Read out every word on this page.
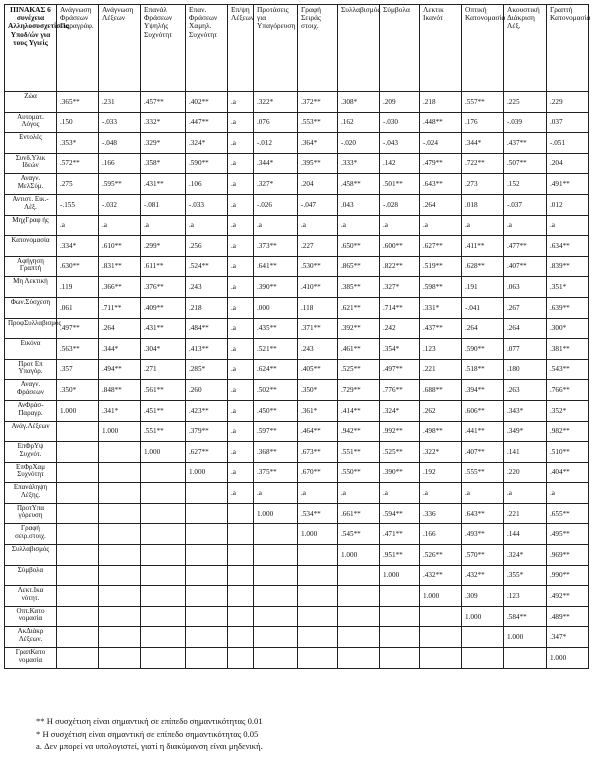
ΠΙΝΑΚΑΣ 6 συνέχεια Αλληλοσυσχετίσεις Υποδ/ών για τους Υγιείς	Ανάγνωση Φράσεων Παραγράφ.	Ανάγνωση Λέξεων	Επανάλ Φράσεων Υψηλής Συχνότητ	Επαν. Φράσεων Χαμηλ. Συχνότητ	Επ/ψη Λέξεων	Προτάσεις για Υπαγόρευση	Γραφή Σειράς στοιχ.	Συλλαβισμός	Σύμβολα	Λεκτικ Ικανότ	Οπτική Κατονομασία	Ακουστική Διάκριση Λέξ.	Γραπτή Κατονομασία
Ζώα	.365**	.231	.457**	.402**	.a	.322*	.372**	.308*	.209	.218	.557**	.225	.229
Αυτοματ. Λόγος	.150	-.033	.332*	.447**	.a	.076	.553**	.162	-.030	.448**	.176	-.039	.037
Εντολές	.353*	-.048	.329*	.324*	.a	-.012	.364*	-.020	-.043	-.024	.344*	.437**	-.051
Συνδ.Υλικ Ιδεών	.572**	.166	.358*	.590**	.a	.344*	.395**	.333*	.142	.479**	.722**	.507**	.204
Αναγν. ΜελΣύμ.	.275	.595**	.431**	.106	.a	.327*	.204	.458**	.501**	.643**	.273	.152	.491**
Αντιστ. Εικ.-Λέξ.	-.155	-.032	-.081	-.033	.a	-.026	-.047	.043	-.028	.264	.018	-.037	.012
ΜηχΓραφ ής	.a	.a	.a	.a	.a	.a	.a	.a	.a	.a	.a	.a	.a
Κατονομασία	.334*	.610**	.299*	.256	.a	.373**	.227	.650**	.600**	.627**	.411**	.477**	.634**
Αφήγηση Γραπτή	.630**	.831**	.611**	.524**	.a	.641**	.530**	.865**	.822**	.519**	.628**	.407**	.839**
Μη Λεκτική	.119	.366**	.376**	.243	.a	.390**	.410**	.385**	.327*	.598**	.191	.063	.351*
Φων.Σύσχεση	.061	.711**	.409**	.218	.a	.000	.118	.621**	.714**	.331*	-.041	.267	.639**
ΠροφΣυλλαβισμός	.497**	.264	.431**	.484**	.a	.435**	.371**	.392**	.242	.437**	.264	.264	.300*
Εικόνα	.563**	.344*	.304*	.413**	.a	.521**	.243	.461**	.354*	.123	.590**	.077	.381**
Προτ Επ Υπαγόρ.	.357	.494**	.271	.285*	.a	.624**	.405**	.525**	.497**	.221	.518**	.180	.543**
Αναγν. Φράσεων	.350*	.848**	.561**	.260	.a	.502**	.350*	.729**	.776**	.688**	.394**	.263	.766**
ΑνΦράσ-Παραγρ.	1.000	.341*	.451**	.423**	.a	.450**	.361*	.414**	.324*	.262	.606**	.343*	.352*
Ανάγ.Λέξεων		1.000	.551**	.379**	.a	.597**	.464**	.942**	.992**	.498**	.441**	.349*	.982**
ΕπΦρΥψ Συχνότ.			1.000	.627**	.a	.368**	.673**	.551**	.525**	.322*	.407**	.141	.510**
ΕπΦρΧαμ Συχνότητ				1.000	.a	.375**	.670**	.550**	.390**	.192	.555**	.220	.404**
Επανάληψη Λέξης.					.a	.a	.a	.a	.a	.a	.a	.a	.a
ΠροτΥπα γόρευση						1.000	.534**	.661**	.594**	.336	.643**	.221	.655**
Γραφή σειρ.στοιχ.							1.000	.545**	.471**	.166	.493**	.144	.495**
Συλλαβισμός								1.000	.951**	.526**	.570**	.324*	.969**
Σύμβολα									1.000	.432**	.432**	.355*	.990**
Λεκτ.Ικα νότητ.										1.000	.309	.123	.492**
Οπτ.Κατο νομασία											1.000	.584**	.489**
ΑκΔιάκρ Λέξεων.												1.000	.347*
ΓραπΚατο νομασία													1.000
** Η συσχέτιση είναι σημαντική σε επίπεδο σημαντικότητας 0.01
* Η συσχέτιση είναι σημαντική σε επίπεδο σημαντικότητας 0.05
a. Δεν μπορεί να υπολογιστεί, γιατί η διακύμανση είναι μηδενική.
